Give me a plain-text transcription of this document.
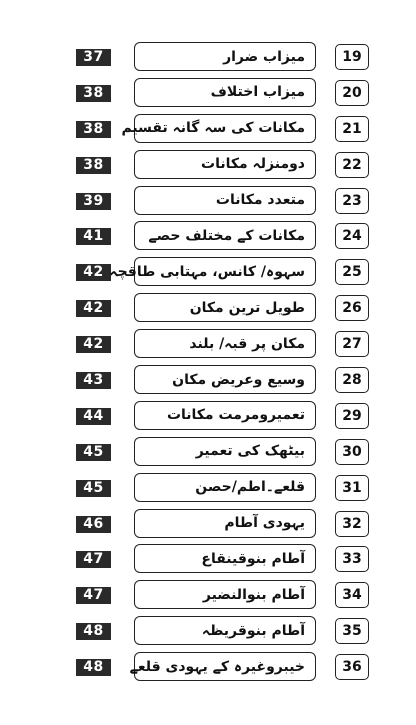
37	میزاب ضرار	19
38	میزاب اختلاف	20
38	مکانات کی سہ گانہ تقسیم	21
38	دومنزلہ مکانات	22
39	متعدد مکانات	23
41	مکانات کے مختلف حصے	24
42 سہوہ/ کانس، مہتابی طاقچہ	25
42	طویل ترین مکان	26
42	مکان پر قبہ/ بلند	27
43	وسیع وعریض مکان	28
44	تعمیرومرمت مکانات	29
45	بیٹھک کی تعمیر	30
45	قلعے۔اطم/حصن	31
46	یہودی آطام	32
47	آطام بنوقینقاع	33
47	آطام بنوالنضیر	34
48	آطام بنوقریظہ	35
48	خیبروغیرہ کے یہودی قلعے	36
